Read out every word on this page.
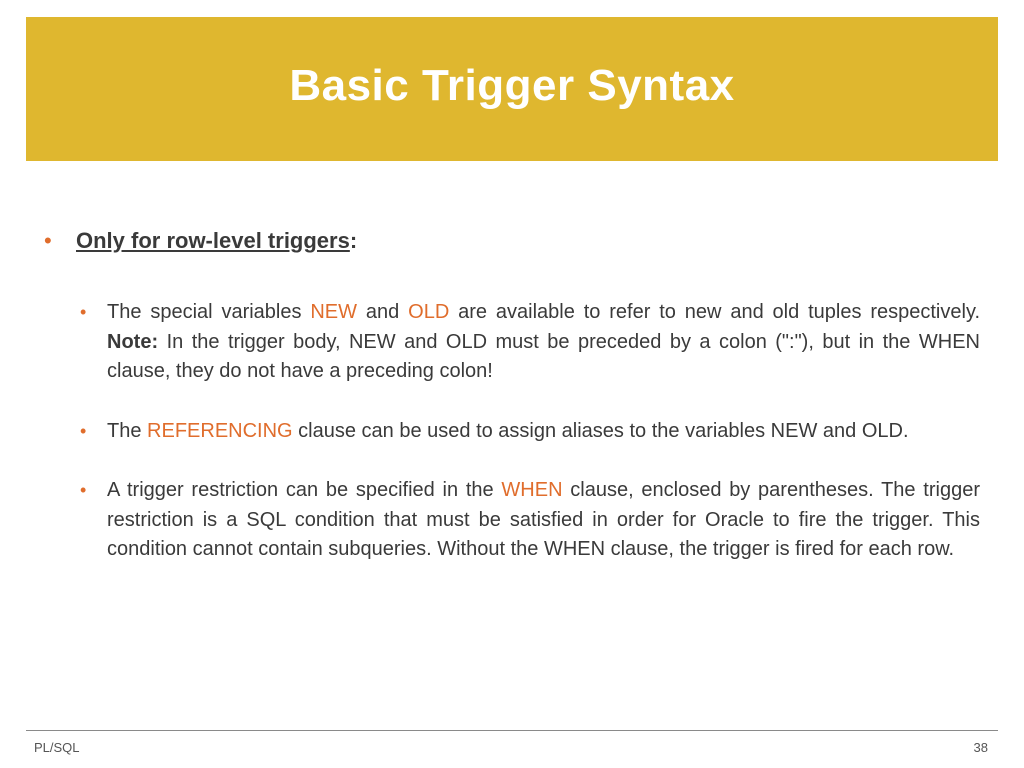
Basic Trigger Syntax
• Only for row-level triggers:
• The special variables NEW and OLD are available to refer to new and old tuples respectively. Note: In the trigger body, NEW and OLD must be preceded by a colon (":"), but in the WHEN clause, they do not have a preceding colon!
• The REFERENCING clause can be used to assign aliases to the variables NEW and OLD.
• A trigger restriction can be specified in the WHEN clause, enclosed by parentheses. The trigger restriction is a SQL condition that must be satisfied in order for Oracle to fire the trigger. This condition cannot contain subqueries. Without the WHEN clause, the trigger is fired for each row.
PL/SQL	38
